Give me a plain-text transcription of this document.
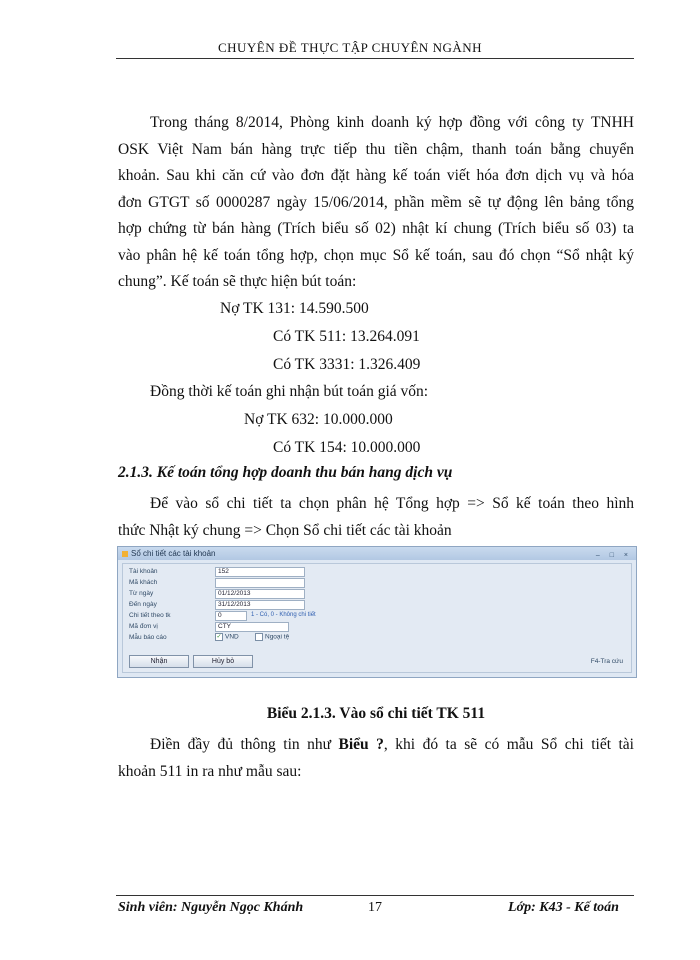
CHUYÊN ĐỀ THỰC TẬP CHUYÊN NGÀNH
Trong tháng 8/2014, Phòng kinh doanh ký hợp đồng với công ty TNHH
OSK Việt Nam bán hàng trực tiếp thu tiền chậm, thanh toán bằng chuyển
khoản. Sau khi căn cứ vào đơn đặt hàng kế toán viết hóa đơn dịch vụ và hóa
đơn GTGT số 0000287 ngày 15/06/2014, phần mềm sẽ tự động lên bảng tổng
hợp chứng từ bán hàng (Trích biểu số 02) nhật kí chung (Trích biểu số 03) ta
vào phân hệ kế toán tổng hợp, chọn mục Sổ kế toán, sau đó chọn “Sổ nhật ký
chung”. Kế toán sẽ thực hiện bút toán:
Nợ TK 131: 14.590.500
Có TK 511: 13.264.091
Có TK 3331: 1.326.409
Đồng thời kế toán ghi nhận bút toán giá vốn:
Nợ TK 632: 10.000.000
Có TK 154: 10.000.000
2.1.3. Kế toán tổng hợp doanh thu bán hang dịch vụ
Để vào sổ chi tiết ta chọn phân hệ Tổng hợp => Sổ kế toán theo hình
thức Nhật ký chung => Chọn Sổ chi tiết các tài khoản
Sổ chi tiết các tài khoản	– □ ×
Tài khoản	152
Mã khách
Từ ngày	01/12/2013
Đến ngày	31/12/2013
Chi tiết theo tk	0	1 - Có, 0 - Không chi tiết
Mã đơn vị	CTY
Mẫu báo cáo	✓ VND	Ngoại tệ
Nhận	Hủy bỏ	F4-Tra cứu
Biểu 2.1.3. Vào sổ chi tiết TK 511
Điền đầy đủ thông tin như Biểu ?, khi đó ta sẽ có mẫu Sổ chi tiết tài
khoản 511 in ra như mẫu sau:
Sinh viên: Nguyễn Ngọc Khánh	17	Lớp: K43 - Kế toán
